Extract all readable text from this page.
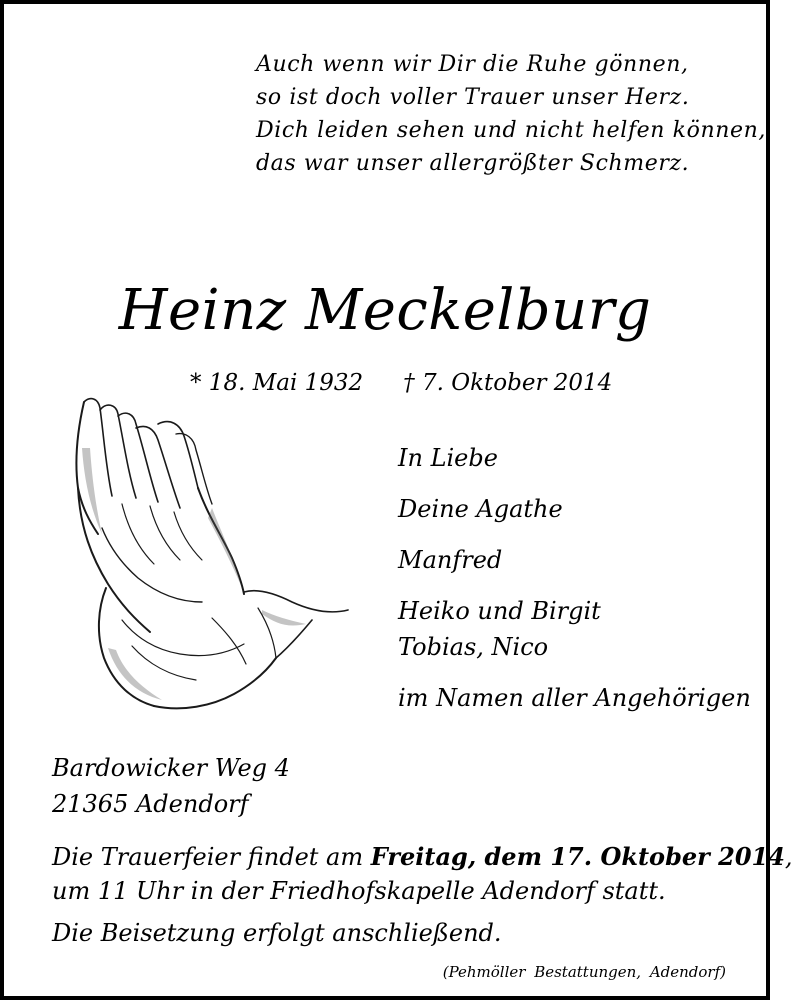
Auch wenn wir Dir die Ruhe gönnen,
so ist doch voller Trauer unser Herz.
Dich leiden sehen und nicht helfen können,
das war unser allergrößter Schmerz.
Heinz Meckelburg
* 18. Mai 1932 † 7. Oktober 2014
In Liebe
Deine Agathe
Manfred
Heiko und Birgit
Tobias, Nico
im Namen aller Angehörigen
Bardowicker Weg 4
21365 Adendorf
Die Trauerfeier findet am Freitag, dem 17. Oktober 2014,
um 11 Uhr in der Friedhofskapelle Adendorf statt.
Die Beisetzung erfolgt anschließend.
(Pehmöller Bestattungen, Adendorf)
